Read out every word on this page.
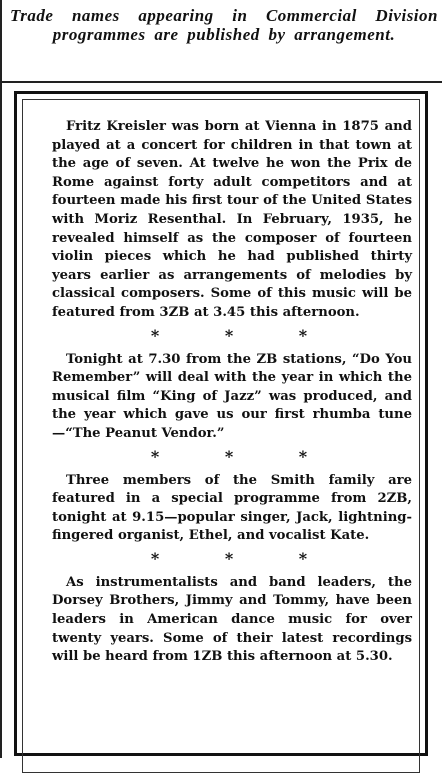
Trade names appearing in Commercial Division programmes are published by arrangement.

Fritz Kreisler was born at Vienna in 1875 and played at a concert for children in that town at the age of seven. At twelve he won the Prix de Rome against forty adult competitors and at fourteen made his first tour of the United States with Moriz Resenthal. In February, 1935, he revealed himself as the composer of fourteen violin pieces which he had published thirty years earlier as arrangements of melodies by classical composers. Some of this music will be featured from 3ZB at 3.45 this afternoon.

* * *

Tonight at 7.30 from the ZB stations, “Do You Remember” will deal with the year in which the musical film “King of Jazz” was produced, and the year which gave us our first rhumba tune—“The Peanut Vendor.”

* * *

Three members of the Smith family are featured in a special programme from 2ZB, tonight at 9.15—popular singer, Jack, lightning-fingered organist, Ethel, and vocalist Kate.

* * *

As instrumentalists and band leaders, the Dorsey Brothers, Jimmy and Tommy, have been leaders in American dance music for over twenty years. Some of their latest recordings will be heard from 1ZB this afternoon at 5.30.
